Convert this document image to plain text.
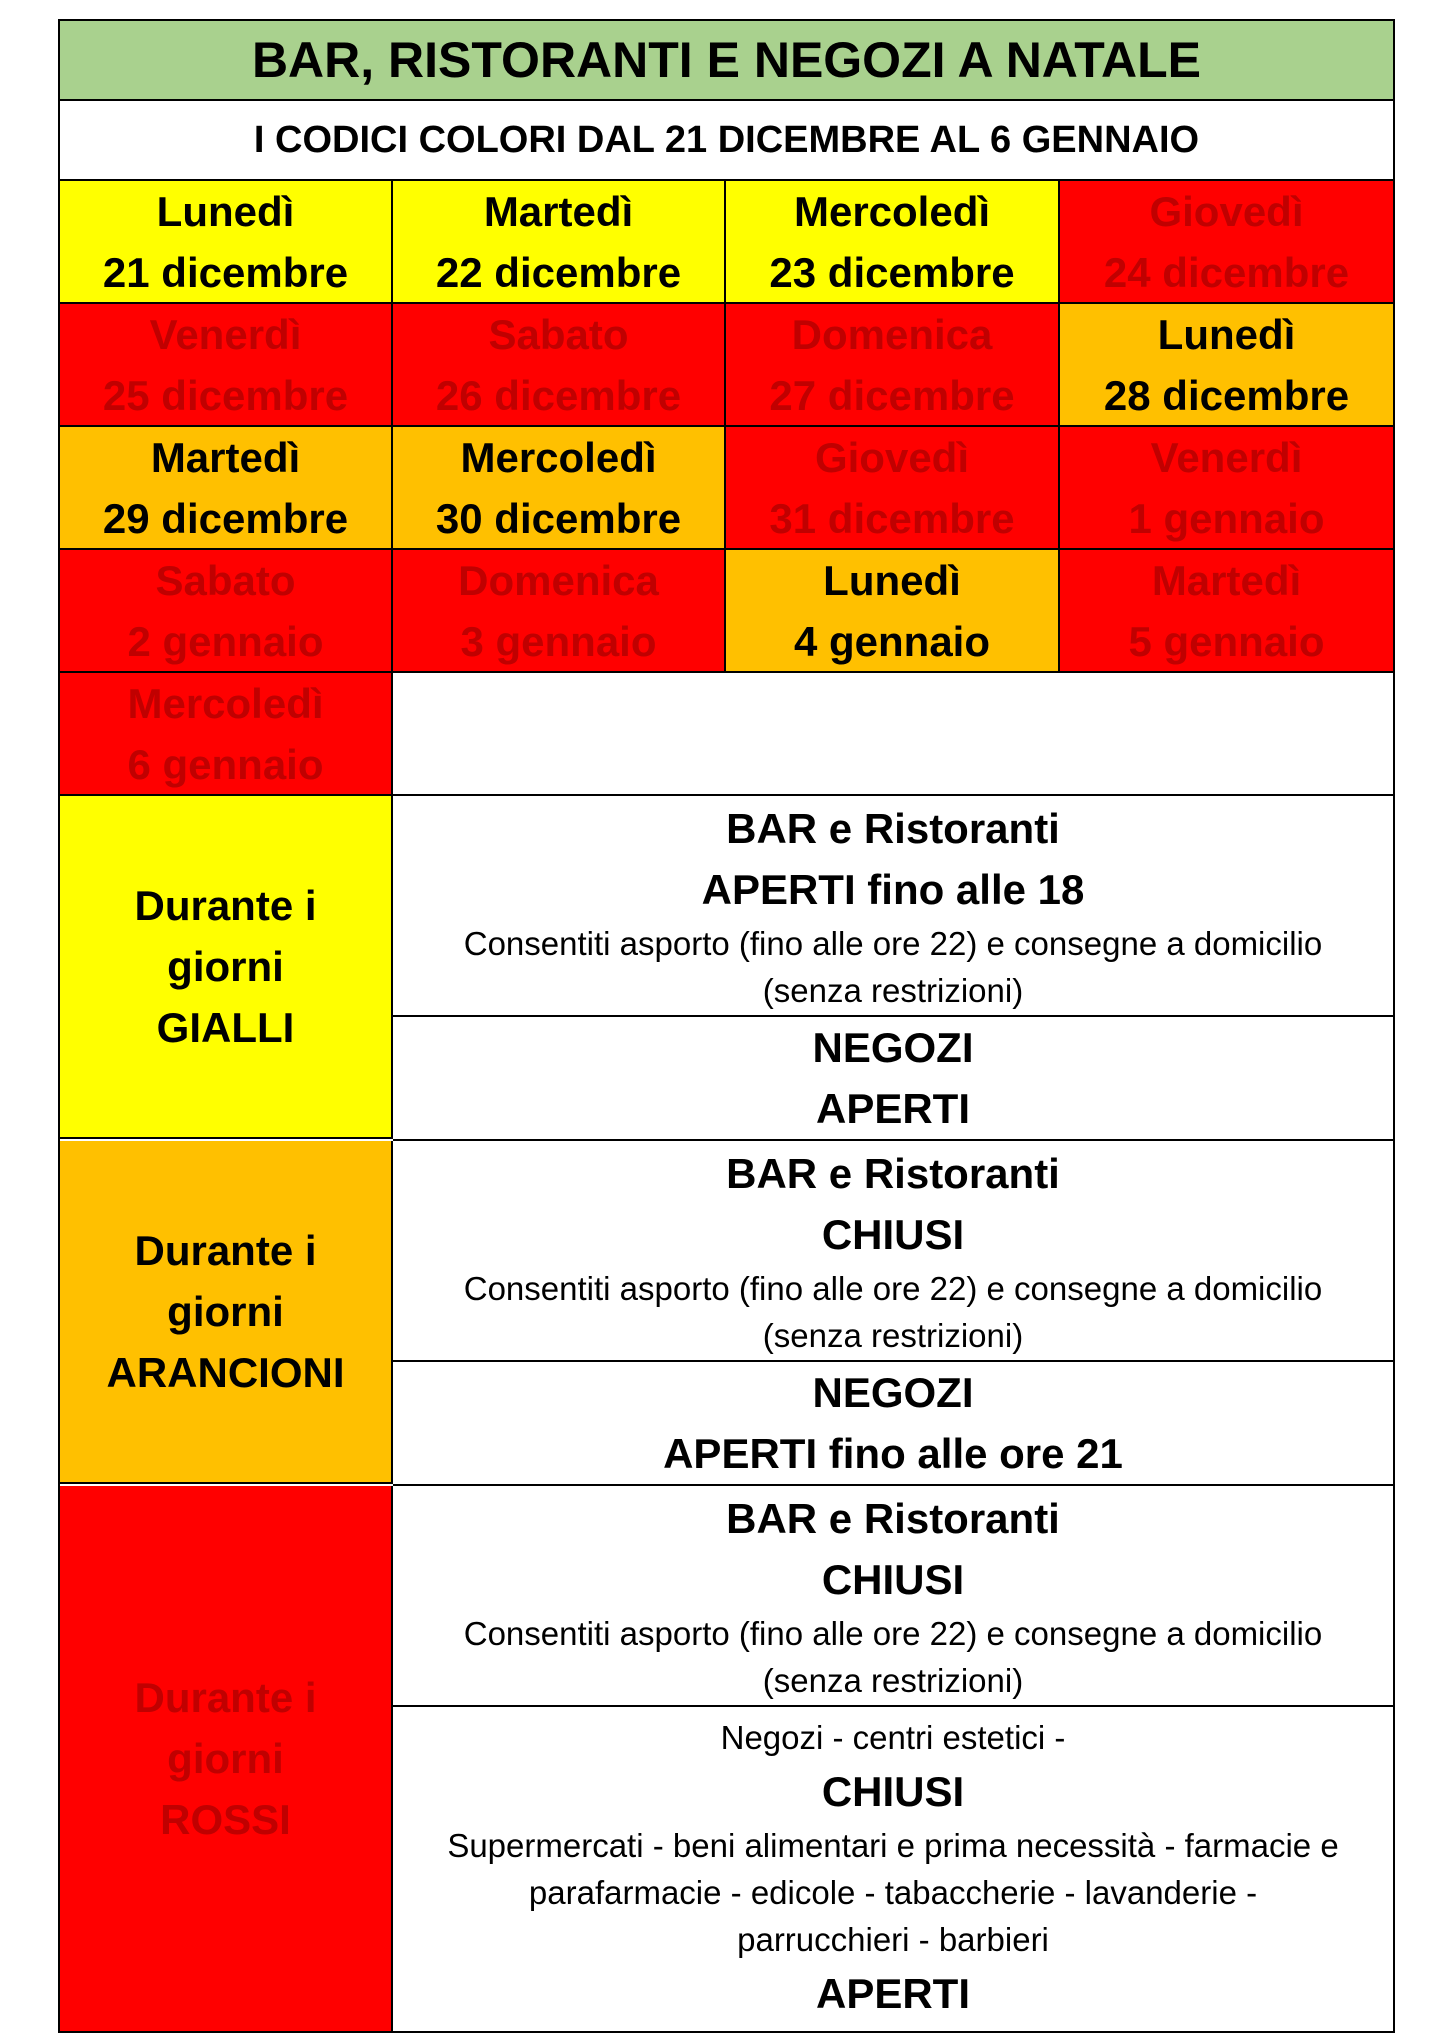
BAR, RISTORANTI E NEGOZI A NATALE
I CODICI COLORI DAL 21 DICEMBRE AL 6 GENNAIO
Lunedì
21 dicembre
Martedì
22 dicembre
Mercoledì
23 dicembre
Giovedì
24 dicembre
Venerdì
25 dicembre
Sabato
26 dicembre
Domenica
27 dicembre
Lunedì
28 dicembre
Martedì
29 dicembre
Mercoledì
30 dicembre
Giovedì
31 dicembre
Venerdì
1 gennaio
Sabato
2 gennaio
Domenica
3 gennaio
Lunedì
4 gennaio
Martedì
5 gennaio
Mercoledì
6 gennaio
Durante i
giorni
GIALLI
BAR e Ristoranti
APERTI fino alle 18
Consentiti asporto (fino alle ore 22) e consegne a domicilio
(senza restrizioni)
NEGOZI
APERTI
Durante i
giorni
ARANCIONI
BAR e Ristoranti
CHIUSI
Consentiti asporto (fino alle ore 22) e consegne a domicilio
(senza restrizioni)
NEGOZI
APERTI fino alle ore 21
Durante i
giorni
ROSSI
BAR e Ristoranti
CHIUSI
Consentiti asporto (fino alle ore 22) e consegne a domicilio
(senza restrizioni)
Negozi - centri estetici -
CHIUSI
Supermercati - beni alimentari e prima necessità - farmacie e
parafarmacie - edicole - tabaccherie - lavanderie -
parrucchieri - barbieri
APERTI
